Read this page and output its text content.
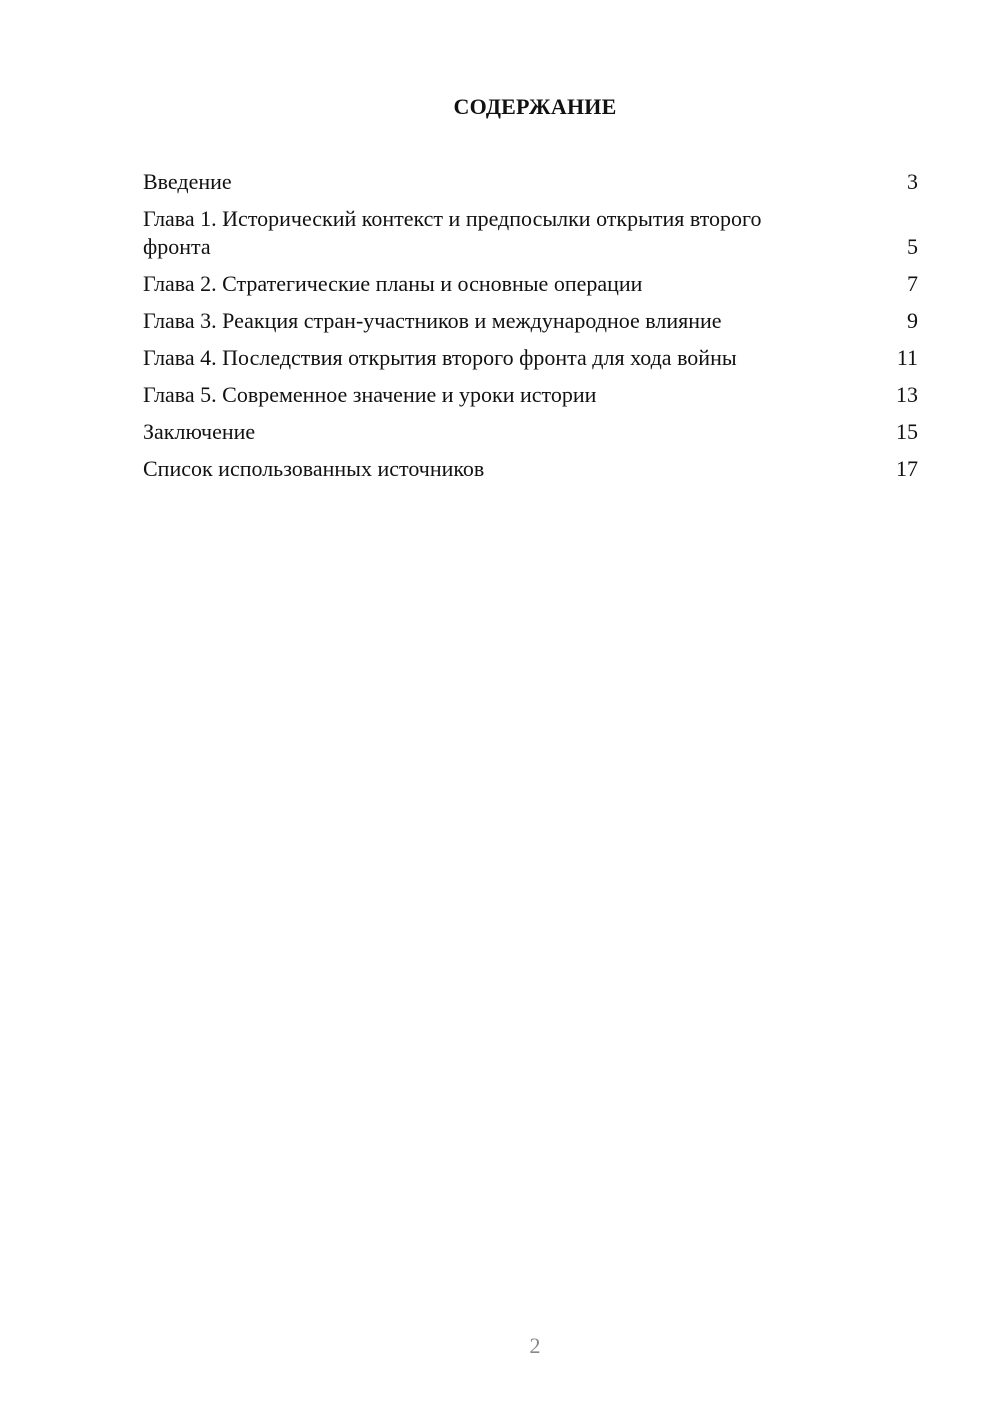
СОДЕРЖАНИЕ
Введение	3
Глава 1. Исторический контекст и предпосылки открытия второго фронта	5
Глава 2. Стратегические планы и основные операции	7
Глава 3. Реакция стран-участников и международное влияние	9
Глава 4. Последствия открытия второго фронта для хода войны	11
Глава 5. Современное значение и уроки истории	13
Заключение	15
Список использованных источников	17
2
